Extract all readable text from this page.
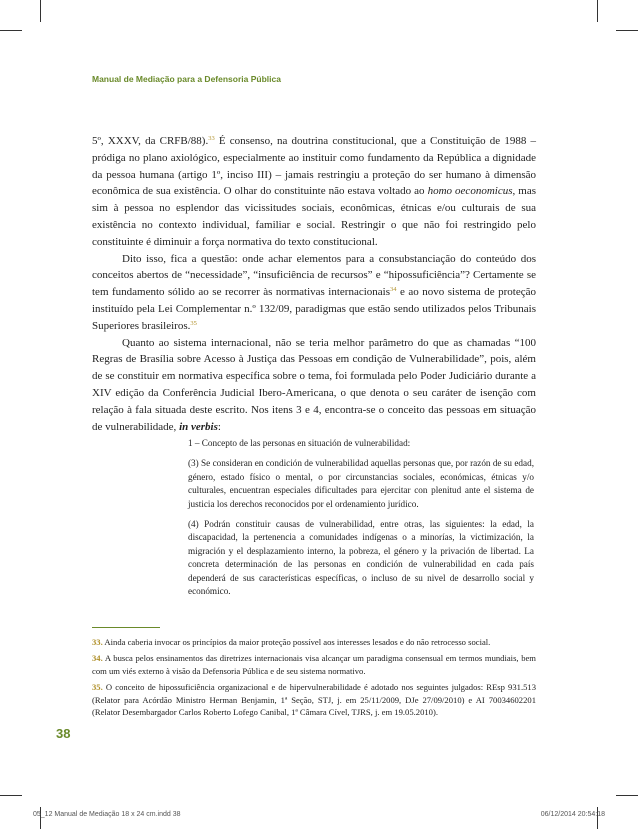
Manual de Mediação para a Defensoria Pública

5º, XXXV, da CRFB/88).$^{33}$ É consenso, na doutrina constitucional, que a Constituição de 1988 – pródiga no plano axiológico, especialmente ao instituir como fundamento da República a dignidade da pessoa humana (artigo 1º, inciso III) – jamais restringiu a proteção do ser humano à dimensão econômica de sua existência. O olhar do constituinte não estava voltado ao homo oeconomicus, mas sim à pessoa no esplendor das vicissitudes sociais, econômicas, étnicas e/ou culturais de sua existência no contexto individual, familiar e social. Restringir o que não foi restringido pelo constituinte é diminuir a força normativa do texto constitucional.

Dito isso, fica a questão: onde achar elementos para a consubstanciação do conteúdo dos conceitos abertos de “necessidade”, “insuficiência de recursos” e “hipossuficiência”? Certamente se tem fundamento sólido ao se recorrer às normativas internacionais$^{34}$ e ao novo sistema de proteção instituído pela Lei Complementar n.º 132/09, paradigmas que estão sendo utilizados pelos Tribunais Superiores brasileiros.$^{35}$

Quanto ao sistema internacional, não se teria melhor parâmetro do que as chamadas “100 Regras de Brasília sobre Acesso à Justiça das Pessoas em condição de Vulnerabilidade”, pois, além de se constituir em normativa específica sobre o tema, foi formulada pelo Poder Judiciário durante a XIV edição da Conferência Judicial Ibero-Americana, o que denota o seu caráter de isenção com relação à fala situada deste escrito. Nos itens 3 e 4, encontra-se o conceito das pessoas em situação de vulnerabilidade, in verbis:

1 – Concepto de las personas en situación de vulnerabilidad:

(3) Se consideran en condición de vulnerabilidad aquellas personas que, por razón de su edad, género, estado físico o mental, o por circunstancias sociales, económicas, étnicas y/o culturales, encuentran especiales dificultades para ejercitar con plenitud ante el sistema de justicia los derechos reconocidos por el ordenamiento jurídico.

(4) Podrán constituir causas de vulnerabilidad, entre otras, las siguientes: la edad, la discapacidad, la pertenencia a comunidades indígenas o a minorías, la victimización, la migración y el desplazamiento interno, la pobreza, el género y la privación de libertad. La concreta determinación de las personas en condición de vulnerabilidad en cada país dependerá de sus características específicas, o incluso de su nivel de desarrollo social y económico.

33. Ainda caberia invocar os princípios da maior proteção possível aos interesses lesados e do não retrocesso social.

34. A busca pelos ensinamentos das diretrizes internacionais visa alcançar um paradigma consensual em termos mundiais, bem com um viés externo à visão da Defensoria Pública e de seu sistema normativo.

35. O conceito de hipossuficiência organizacional e de hipervulnerabilidade é adotado nos seguintes julgados: REsp 931.513 (Relator para Acórdão Ministro Herman Benjamin, 1ª Seção, STJ, j. em 25/11/2009, DJe 27/09/2010) e AI 70034602201 (Relator Desembargador Carlos Roberto Lofego Canibal, 1ª Câmara Cível, TJRS, j. em 19.05.2010).

38
05_12 Manual de Mediação 18 x 24 cm.indd 38	06/12/2014 20:54:18
